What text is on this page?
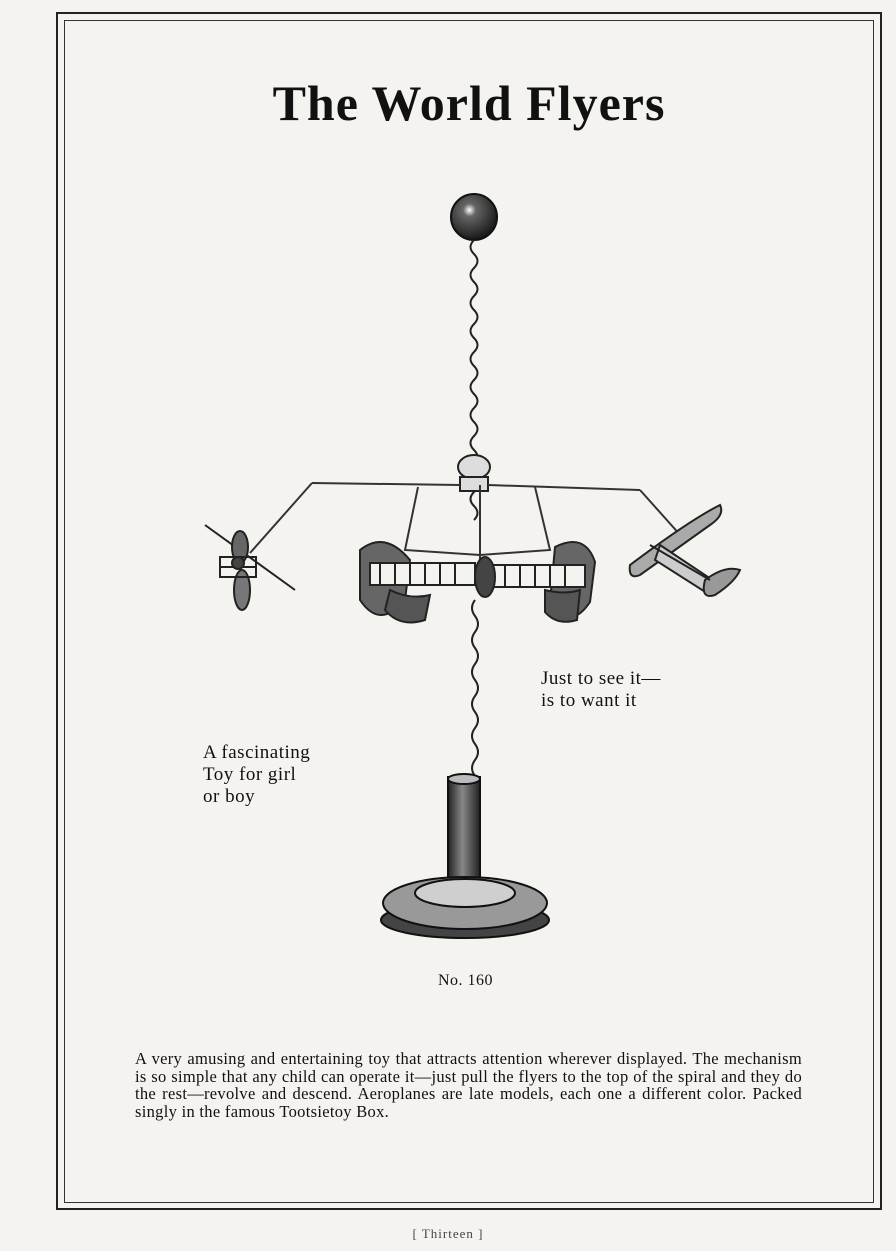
The World Flyers
Just to see it—
is to want it
A fascinating
Toy for girl
or boy
No. 160

A very amusing and entertaining toy that attracts attention wherever displayed. The mechanism is so simple that any child can operate it—just pull the flyers to the top of the spiral and they do the rest—revolve and descend. Aeroplanes are late models, each one a different color. Packed singly in the famous Tootsietoy Box.

[ Thirteen ]
